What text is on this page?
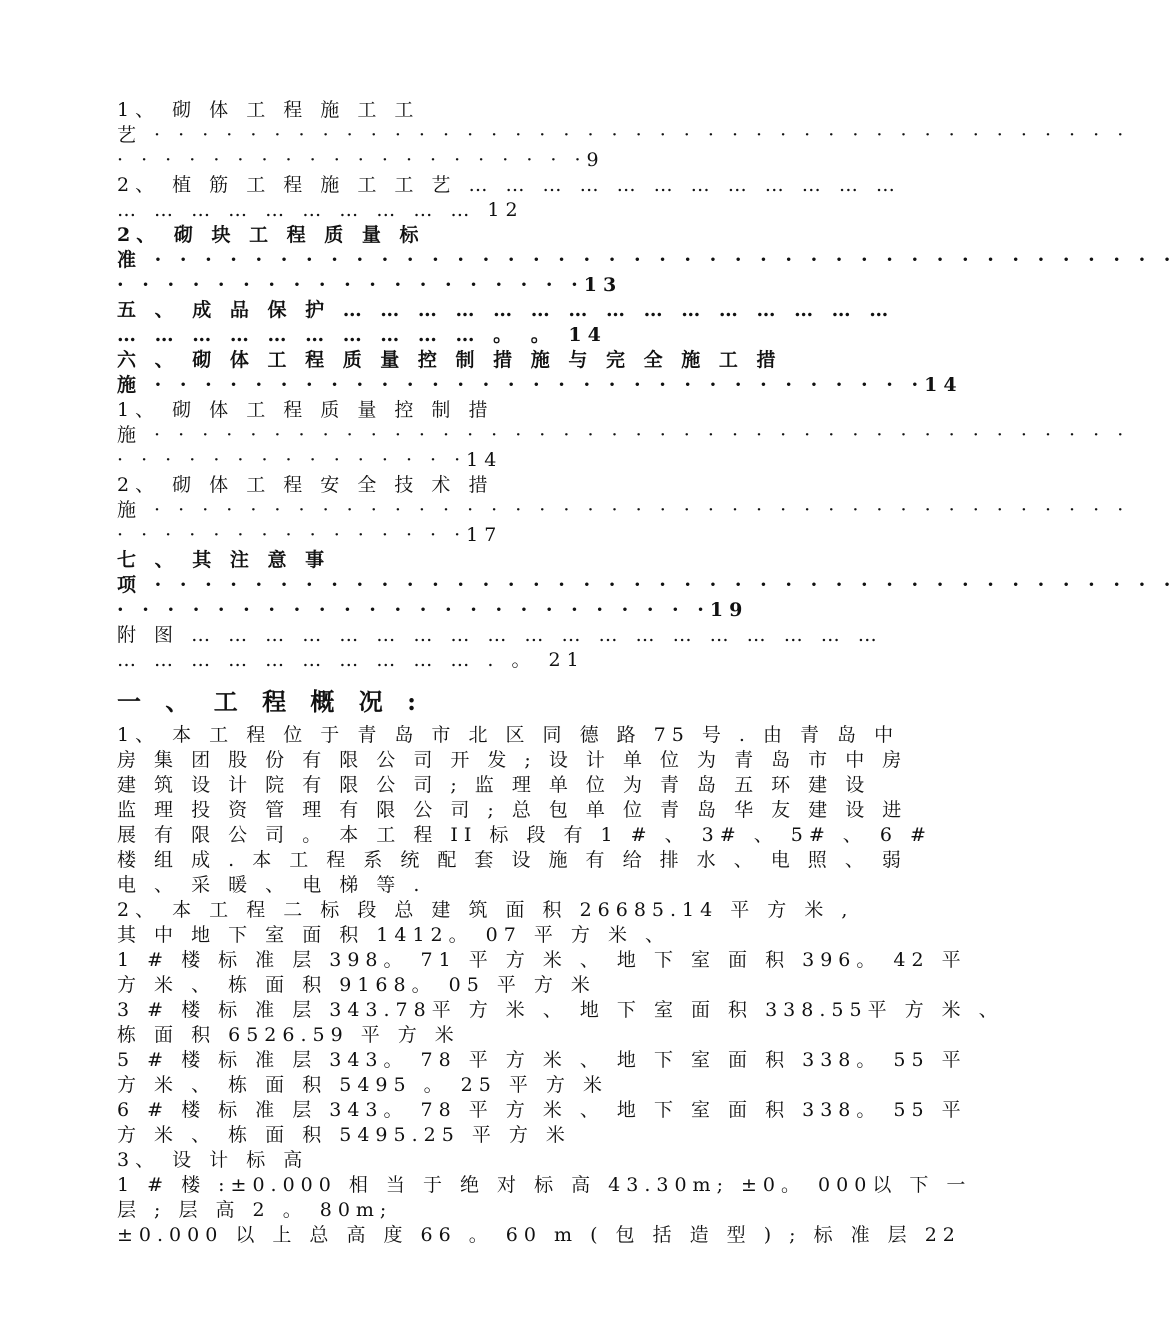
1、 砌 体 工 程 施 工 工
艺 · · · · · · · · · · · · · · · · · · · · · · · · · · · · · · · · · · · · · · · · ·
· · · · · · · · · · · · · · · · · · · ·9
2、 植 筋 工 程 施 工 工 艺 … … … … … … … … … … … …
… … … … … … … … … … 12
2、 砌 块 工 程 质 量 标
准 · · · · · · · · · · · · · · · · · · · · · · · · · · · · · · · · · · · · · · · · ·
· · · · · · · · · · · · · · · · · · ·13
五 、 成 品 保 护 … … … … … … … … … … … … … … …
… … … … … … … … … … 。 。 14
六 、 砌 体 工 程 质 量 控 制 措 施 与 完 全 施 工 措
施 · · · · · · · · · · · · · · · · · · · · · · · · · · · · · · ·14
1、 砌 体 工 程 质 量 控 制 措
施 · · · · · · · · · · · · · · · · · · · · · · · · · · · · · · · · · · · · · · · · ·
· · · · · · · · · · · · · · ·14
2、 砌 体 工 程 安 全 技 术 措
施 · · · · · · · · · · · · · · · · · · · · · · · · · · · · · · · · · · · · · · · · ·
· · · · · · · · · · · · · · ·17
七 、 其 注 意 事
项 · · · · · · · · · · · · · · · · · · · · · · · · · · · · · · · · · · · · · · · · ·
· · · · · · · · · · · · · · · · · · · · · · · ·19
附 图 … … … … … … … … … … … … … … … … … … …
… … … … … … … … … … . 。 21
一 、 工 程 概 况 :
1、 本 工 程 位 于 青 岛 市 北 区 同 德 路 75 号 . 由 青 岛 中
房 集 团 股 份 有 限 公 司 开 发 ; 设 计 单 位 为 青 岛 市 中 房
建 筑 设 计 院 有 限 公 司 ; 监 理 单 位 为 青 岛 五 环 建 设
监 理 投 资 管 理 有 限 公 司 ; 总 包 单 位 青 岛 华 友 建 设 进
展 有 限 公 司 。 本 工 程 II 标 段 有 1 # 、 3# 、 5# 、 6 #
楼 组 成 . 本 工 程 系 统 配 套 设 施 有 给 排 水 、 电 照 、 弱
电 、 采 暖 、 电 梯 等 .
2、 本 工 程 二 标 段 总 建 筑 面 积 26685.14 平 方 米 ,
其 中 地 下 室 面 积 1412。 07 平 方 米 、
1 # 楼 标 准 层 398。 71 平 方 米 、 地 下 室 面 积 396。 42 平
方 米 、 栋 面 积 9168。 05 平 方 米
3 # 楼 标 准 层 343.78平 方 米 、 地 下 室 面 积 338.55平 方 米 、
栋 面 积 6526.59 平 方 米
5 # 楼 标 准 层 343。 78 平 方 米 、 地 下 室 面 积 338。 55 平
方 米 、 栋 面 积 5495 。 25 平 方 米
6 # 楼 标 准 层 343。 78 平 方 米 、 地 下 室 面 积 338。 55 平
方 米 、 栋 面 积 5495.25 平 方 米
3、 设 计 标 高
1 # 楼 :±0.000 相 当 于 绝 对 标 高 43.30m; ±0。 000以 下 一
层 ; 层 高 2 。 80m;
±0.000 以 上 总 高 度 66 。 60 m ( 包 括 造 型 ) ; 标 准 层 22
